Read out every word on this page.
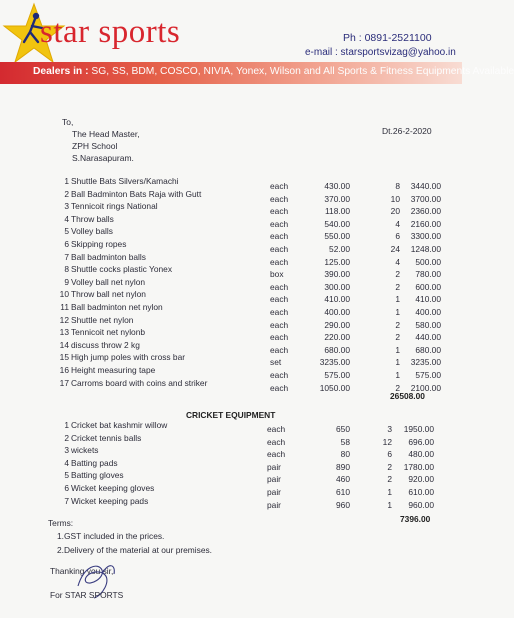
star sports	Ph : 0891-2521100
e-mail : starsportsvizag@yahoo.in
Dealers in : SG, SS, BDM, COSCO, NIVIA, Yonex, Wilson and All Sports & Fitness Equipments Available
To,
The Head Master,
ZPH School
S.Narasapuram.
Dt.26-2-2020
1 Shuttle Bats Silvers/Kamachi	each	430.00	8	3440.00
2 Ball Badminton Bats Raja with Gutt	each	370.00	10	3700.00
3 Tennicoit rings National	each	118.00	20	2360.00
4 Throw balls	each	540.00	4	2160.00
5 Volley balls	each	550.00	6	3300.00
6 Skipping ropes	each	52.00	24	1248.00
7 Ball badminton balls	each	125.00	4	500.00
8 Shuttle cocks plastic Yonex	box	390.00	2	780.00
9 Volley ball net nylon	each	300.00	2	600.00
10 Throw ball net nylon	each	410.00	1	410.00
11 Ball badminton net nylon	each	400.00	1	400.00
12 Shuttle net nylon	each	290.00	2	580.00
13 Tennicoit net nylonb	each	220.00	2	440.00
14 discuss throw 2 kg	each	680.00	1	680.00
15 High jump poles with cross bar	set	3235.00	1	3235.00
16 Height measuring tape	each	575.00	1	575.00
17 Carroms board with coins and striker	each	1050.00	2	2100.00
26508.00
CRICKET EQUIPMENT
1 Cricket bat kashmir willow	each	650	3	1950.00
2 Cricket tennis balls	each	58	12	696.00
3 wickets	each	80	6	480.00
4 Batting pads	pair	890	2	1780.00
5 Batting gloves	pair	460	2	920.00
6 Wicket keeping gloves	pair	610	1	610.00
7 Wicket keeping pads	pair	960	1	960.00
7396.00
Terms:
1.GST included in the prices.
2.Delivery of the material at our premises.
Thanking you sir,
For STAR SPORTS
